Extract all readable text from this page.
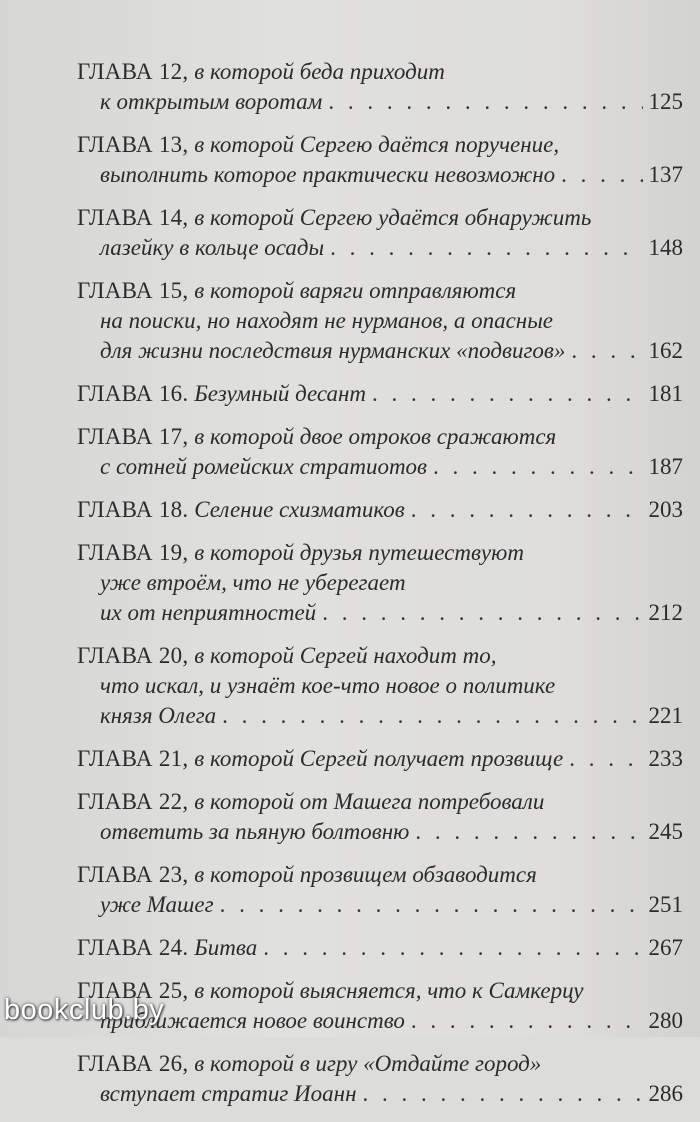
ГЛАВА 12,
в которой беда приходит
к открытым воротам . . .	125
ГЛАВА 13,
в которой Сергею даётся поручение,
выполнить которое практически невозможно . . .	137
ГЛАВА 14,
в которой Сергею удаётся обнаружить
лазейку в кольце осады . . .	148
ГЛАВА 15,
в которой варяги отправляются
на поиски, но находят не нурманов, а опасные
для жизни последствия нурманских «подвигов» . . .	162
ГЛАВА 16.
Безумный десант . . .	181
ГЛАВА 17,
в которой двое отроков сражаются
с сотней ромейских стратиотов . . .	187
ГЛАВА 18.
Селение схизматиков . . .	203
ГЛАВА 19,
в которой друзья путешествуют
уже втроём, что не уберегает
их от неприятностей . . .	212
ГЛАВА 20,
в которой Сергей находит то,
что искал, и узнаёт кое-что новое о политике
князя Олега . . .	221
ГЛАВА 21,
в которой Сергей получает прозвище . . .	233
ГЛАВА 22,
в которой от Машега потребовали
ответить за пьяную болтовню . . .	245
ГЛАВА 23,
в которой прозвищем обзаводится
уже Машег . . .	251
ГЛАВА 24.
Битва . . .	267
ГЛАВА 25,
в которой выясняется, что к Самкерцу
приближается новое воинство . . .	280
ГЛАВА 26,
в которой в игру «Отдайте город»
вступает стратиг Иоанн . . .	286
bookclub.by
